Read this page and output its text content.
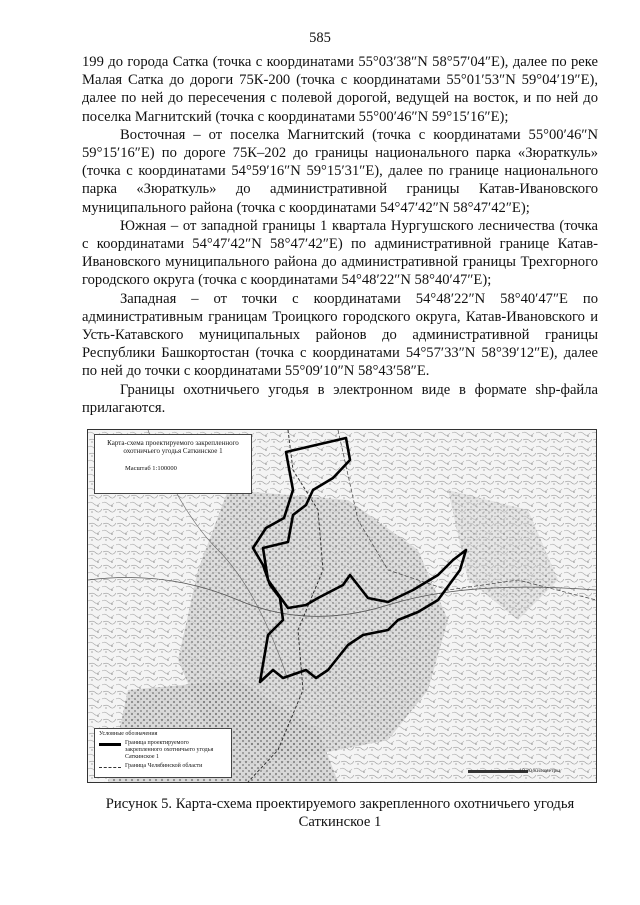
585

199 до города Сатка (точка с координатами 55°03′38″N 58°57′04″E), далее по реке Малая Сатка до дороги 75К-200 (точка с координатами 55°01′53″N 59°04′19″E), далее по ней до пересечения с полевой дорогой, ведущей на восток, и по ней до поселка Магнитский (точка с координатами 55°00′46″N 59°15′16″E);

Восточная – от поселка Магнитский (точка с координатами 55°00′46″N 59°15′16″E) по дороге 75К–202 до границы национального парка «Зюраткуль» (точка с координатами 54°59′16″N 59°15′31″E), далее по границе национального парка «Зюраткуль» до административной границы Катав-Ивановского муниципального района (точка с координатами 54°47′42″N 58°47′42″E);

Южная – от западной границы 1 квартала Нургушского лесничества (точка с координатами 54°47′42″N 58°47′42″E) по административной границе Катав-Ивановского муниципального района до административной границы Трехгорного городского округа (точка с координатами 54°48′22″N 58°40′47″E);

Западная – от точки с координатами 54°48′22″N 58°40′47″E по административным границам Троицкого городского округа, Катав-Ивановского и Усть-Катавского муниципальных районов до административной границы Республики Башкортостан (точка с координатами 54°57′33″N 58°39′12″E), далее по ней до точки с координатами 55°09′10″N 58°43′58″E.

Границы охотничьего угодья в электронном виде в формате shp-файла прилагаются.

Карта-схема проектируемого закрепленного охотничьего угодья Саткинское 1
Масштаб 1:100000
Условные обозначения
Граница проектируемого закрепленного охотничьего угодья Саткинское 1
Граница Челябинской области
10 20 Километры
Рисунок 5. Карта-схема проектируемого закрепленного охотничьего угодья Саткинское 1
